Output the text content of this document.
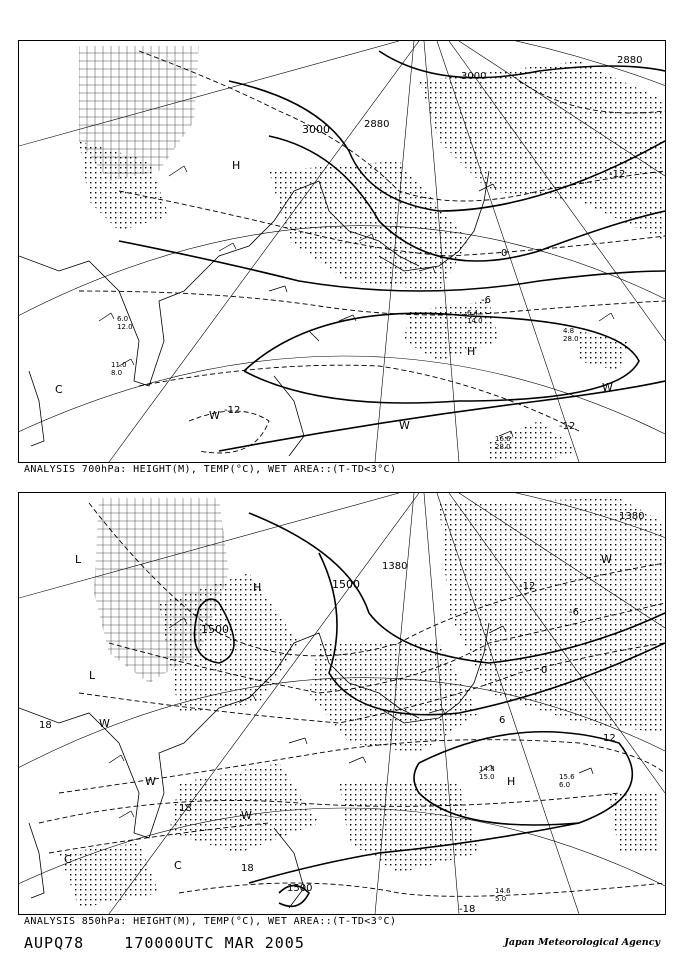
3000	2880
3000
2880
-12
-6
0
-12
-12
H
H
W
W
C	W
6.4 14.0
4.8 28.0
16.6 28.0
11.0 8.0
6.0 12.0
ANALYSIS 700hPa: HEIGHT(M), TEMP(°C), WET AREA::(T-TD<3°C)
1500
1380
1500
1380
1500
-12
-6
0
6
12
18
18
18
-18
H
H
L
L
W
W
C	C
W
W
14.8 15.0
14.6 5.0
15.6 6.0
ANALYSIS 850hPa: HEIGHT(M), TEMP(°C), WET AREA::(T-TD<3°C)
AUPQ78    170000UTC MAR 2005	Japan Meteorological Agency
